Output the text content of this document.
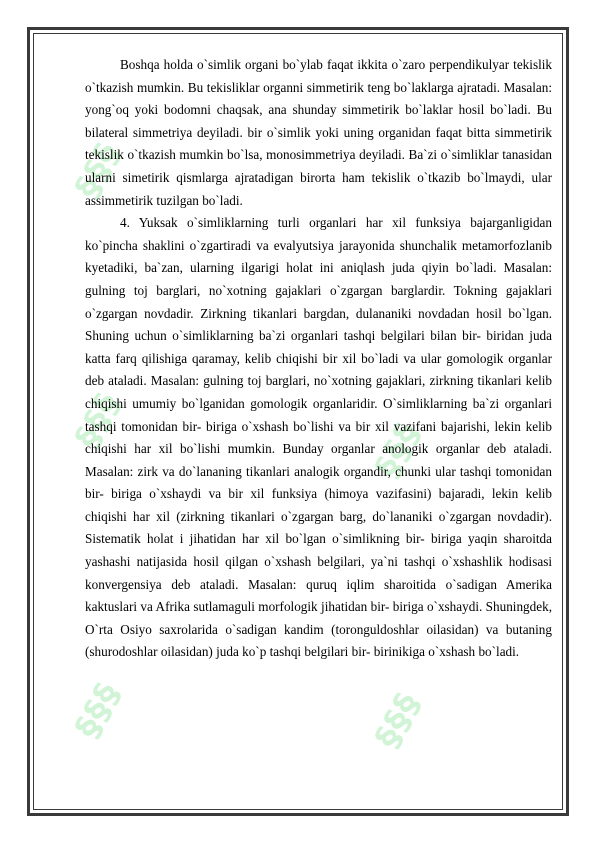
§§§
§§§
§§§
§§§
§§§

Boshqa holda o`simlik organi bo`ylab faqat ikkita o`zaro perpendikulyar tekislik o`tkazish mumkin. Bu tekisliklar organni simmetirik teng bo`laklarga ajratadi. Masalan: yong`oq yoki bodomni chaqsak, ana shunday simmetirik bo`laklar hosil bo`ladi. Bu bilateral simmetriya deyiladi. bir o`simlik yoki uning organidan faqat bitta simmetirik tekislik o`tkazish mumkin bo`lsa, monosimmetriya deyiladi. Ba`zi o`simliklar tanasidan ularni simetirik qismlarga ajratadigan birorta ham tekislik o`tkazib bo`lmaydi, ular assimmetirik tuzilgan bo`ladi.

4. Yuksak o`simliklarning turli organlari har xil funksiya bajarganligidan ko`pincha shaklini o`zgartiradi va evalyutsiya jarayonida shunchalik metamorfozlanib kyetadiki, ba`zan, ularning ilgarigi holat ini aniqlash juda qiyin bo`ladi. Masalan: gulning toj barglari, no`xotning gajaklari o`zgargan barglardir. Tokning gajaklari o`zgargan novdadir. Zirkning tikanlari bargdan, dulananiki novdadan hosil bo`lgan. Shuning uchun o`simliklarning ba`zi organlari tashqi belgilari bilan bir- biridan juda katta farq qilishiga qaramay, kelib chiqishi bir xil bo`ladi va ular gomologik organlar deb ataladi. Masalan: gulning toj barglari, no`xotning gajaklari, zirkning tikanlari kelib chiqishi umumiy bo`lganidan gomologik organlaridir. O`simliklarning ba`zi organlari tashqi tomonidan bir- biriga o`xshash bo`lishi va bir xil vazifani bajarishi, lekin kelib chiqishi har xil bo`lishi mumkin. Bunday organlar anologik organlar deb ataladi. Masalan: zirk va do`lananing tikanlari analogik organdir, chunki ular tashqi tomonidan bir- biriga o`xshaydi va bir xil funksiya (himoya vazifasini) bajaradi, lekin kelib chiqishi har xil (zirkning tikanlari o`zgargan barg, do`lananiki o`zgargan novdadir). Sistematik holat i jihatidan har xil bo`lgan o`simlikning bir- biriga yaqin sharoitda yashashi natijasida hosil qilgan o`xshash belgilari, ya`ni tashqi o`xshashlik hodisasi konvergensiya deb ataladi. Masalan: quruq iqlim sharoitida o`sadigan Amerika kaktuslari va Afrika sutlamaguli morfologik jihatidan bir- biriga o`xshaydi. Shuningdek, O`rta Osiyo saxrolarida o`sadigan kandim (toronguldoshlar oilasidan) va butaning (shurodoshlar oilasidan) juda ko`p tashqi belgilari bir- birinikiga o`xshash bo`ladi.
